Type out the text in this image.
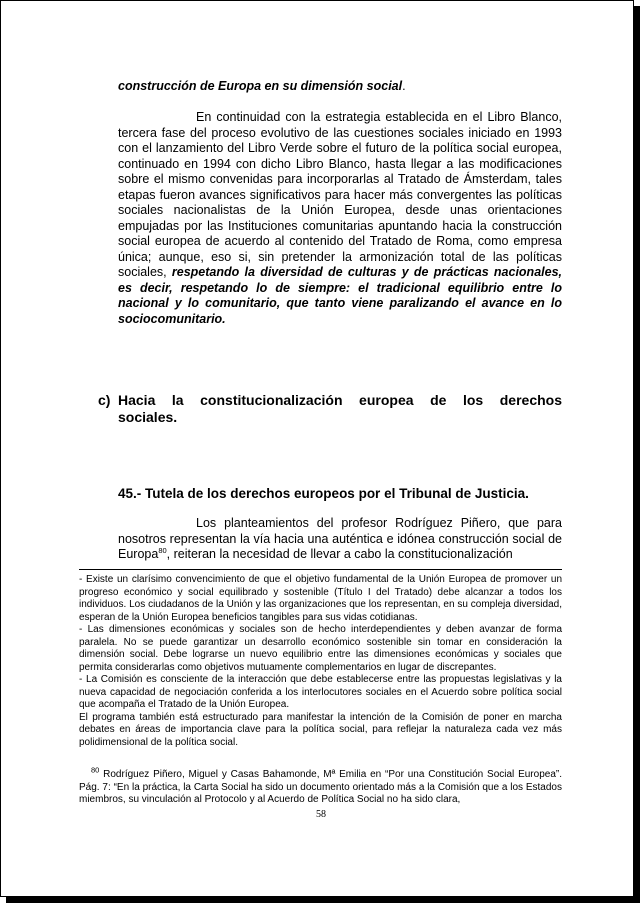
construcción de Europa en su dimensión social.

En continuidad con la estrategia establecida en el Libro Blanco, tercera fase del proceso evolutivo de las cuestiones sociales iniciado en 1993 con el lanzamiento del Libro Verde sobre el futuro de la política social europea, continuado en 1994 con dicho Libro Blanco, hasta llegar a las modificaciones sobre el mismo convenidas para incorporarlas al Tratado de Ámsterdam, tales etapas fueron avances significativos para hacer más convergentes las políticas sociales nacionalistas de la Unión Europea, desde unas orientaciones empujadas por las Instituciones comunitarias apuntando hacia la construcción social europea de acuerdo al contenido del Tratado de Roma, como empresa única; aunque, eso si, sin pretender la armonización total de las políticas sociales, respetando la diversidad de culturas y de prácticas nacionales, es decir, respetando lo de siempre: el tradicional equilibrio entre lo nacional y lo comunitario, que tanto viene paralizando el avance en lo sociocomunitario.

c) Hacia la constitucionalización europea de los derechos sociales.
45.- Tutela de los derechos europeos por el Tribunal de Justicia.

Los planteamientos del profesor Rodríguez Piñero, que para nosotros representan la vía hacia una auténtica e idónea construcción social de Europa$^{80}$, reiteran la necesidad de llevar a cabo la constitucionalización

- Existe un clarísimo convencimiento de que el objetivo fundamental de la Unión Europea de promover un progreso económico y social equilibrado y sostenible (Título I del Tratado) debe alcanzar a todos los individuos. Los ciudadanos de la Unión y las organizaciones que los representan, en su compleja diversidad, esperan de la Unión Europea beneficios tangibles para sus vidas cotidianas.

- Las dimensiones económicas y sociales son de hecho interdependientes y deben avanzar de forma paralela. No se puede garantizar un desarrollo económico sostenible sin tomar en consideración la dimensión social. Debe lograrse un nuevo equilibrio entre las dimensiones económicas y sociales que permita considerarlas como objetivos mutuamente complementarios en lugar de discrepantes.

- La Comisión es consciente de la interacción que debe establecerse entre las propuestas legislativas y la nueva capacidad de negociación conferida a los interlocutores sociales en el Acuerdo sobre política social que acompaña el Tratado de la Unión Europea.

El programa también está estructurado para manifestar la intención de la Comisión de poner en marcha debates en áreas de importancia clave para la política social, para reflejar la naturaleza cada vez más polidimensional de la política social.

$^{80}$ Rodríguez Piñero, Miguel y Casas Bahamonde, Mª Emilia en “Por una Constitución Social Europea”. Pág. 7: “En la práctica, la Carta Social ha sido un documento orientado más a la Comisión que a los Estados miembros, su vinculación al Protocolo y al Acuerdo de Política Social no ha sido clara,

58
